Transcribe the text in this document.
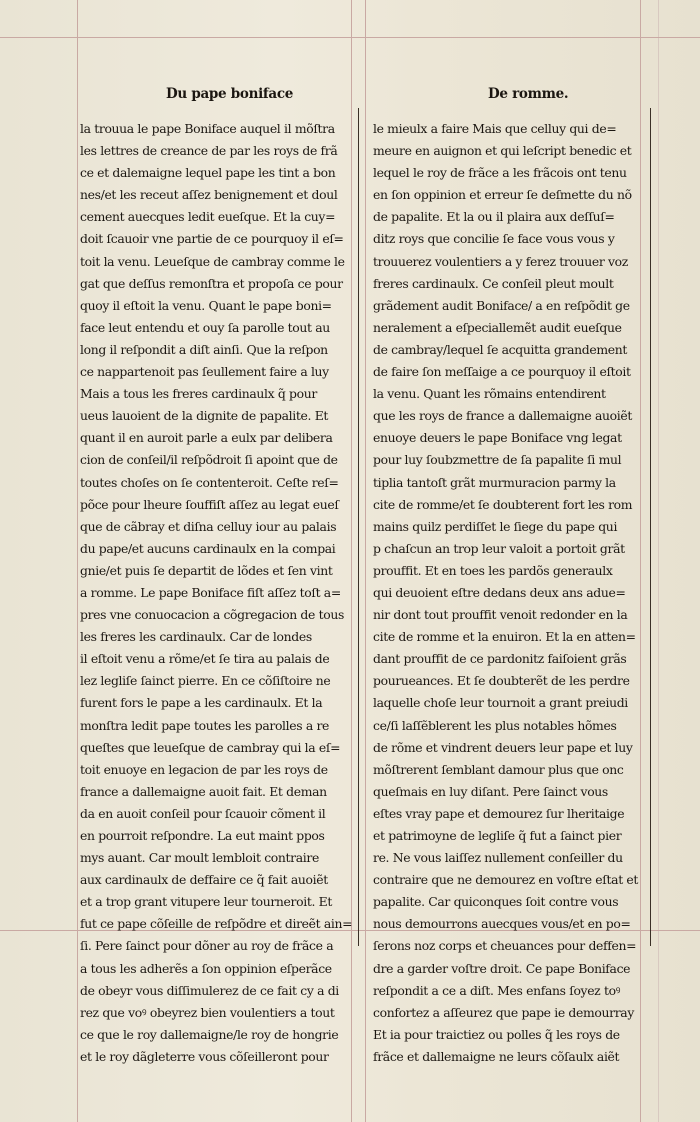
Du pape boniface	De romme.
la trouua le pape Boniface auquel il mõſtra
les lettres de creance de par les roys de frã
ce et dalemaigne lequel pape les tint a bon
nes/et les receut aſſez benignement et doul
cement auecques ledit eueſque. Et la cuy=
doit ſcauoir vne partie de ce pourquoy il eſ=
toit la venu. Leueſque de cambray comme le
gat que deſſus remonſtra et propoſa ce pour
quoy il eſtoit la venu. Quant le pape boni=
face leut entendu et ouy ſa parolle tout au
long il reſpondit a diſt ainſi. Que la reſpon
ce nappartenoit pas ſeullement faire a luy
Mais a tous les freres cardinaulx q̃ pour
ueus lauoient de la dignite de papalite. Et
quant il en auroit parle a eulx par deliberа
cion de conſeil/il reſpõdroit ſi apoint que de
toutes choſes on ſe contenteroit. Ceſte reſ=
põce pour lheure ſouffiſt aſſez au legat eueſ
que de cãbray et diſna celluy iour au palais
du pape/et aucuns cardinaulx en la compai
gnie/et puis ſe departit de lõdes et ſen vint
a romme. Le pape Boniface fiſt aſſez toſt a=
pres vne conuocacion a cõgregacion de tous
les freres les cardinaulx. Car de londes
il eſtoit venu a rõme/et ſe tira au palais de
lez legliſe ſainct pierre. En ce cõſiſtoire ne
furent fors le pape a les cardinaulx. Et la
monſtra ledit pape toutes les parolles a re
queſtes que leueſque de cambray qui la eſ=
toit enuoye en legacion de par les roys de
france a dallemaigne auoit fait. Et deman
da en auoit conſeil pour ſcauoir cõment il
en pourroit reſpondre. La eut maint ppos
mys auant. Car moult lembloit contraire
aux cardinaulx de deffaire ce q̃ fait auoiẽt
et a trop grant vitupere leur tourneroit. Et
fut ce pape cõſeille de reſpõdre et direẽt ain=
ſi. Pere ſainct pour dõner au roy de frãce a
a tous les adherẽs a ſon oppinion eſperãce
de obeyr vous diſſimulerez de ce fait cy a di
rez que voꝰ obeyrez bien voulentiers a tout
ce que le roy dallemaigne/le roy de hongrie
et le roy dãgleterre vous cõſeilleront pour
le mieulx a faire Mais que celluy qui de=
meure en auignon et qui leſcript benedic et
lequel le roy de frãce a les frãcois ont tenu
en ſon oppinion et erreur ſe deſmette du nõ
de papalite. Et la ou il plaira aux deſſuſ=
ditz roys que concilie ſe face vous vous y
trouuerez voulentiers a y ferez trouuer voz
freres cardinaulx. Ce conſeil pleut moult
grãdement audit Boniface/ a en reſpõdit ge
neralement a eſpeciallemẽt audit eueſque
de cambray/lequel ſe acquitta grandement
de faire ſon meſſaige a ce pourquoy il eſtoit
la venu. Quant les rõmains entendirent
que les roys de france a dallemaigne auoiẽt
enuoye deuers le pape Boniface vng legat
pour luy ſoubzmettre de ſa papalite ſi mul
tiplia tantoſt grãt murmuracion parmy la
cite de romme/et ſe doubterent fort les rom
mains quilz perdiſſet le ſiege du pape qui
p chaſcun an trop leur valoit a portoit grãt
prouffit. Et en toes les pardõs generaulx
qui deuoient eſtre dedans deux ans adue=
nir dont tout prouffit venoit redonder en la
cite de romme et la enuiron. Et la en atten=
dant prouffit de ce pardonitz faiſoient grãs
pourueances. Et ſe doubterẽt de les perdre
laquelle choſe leur tournoit a grant preiudi
ce/ſi laſſẽblerent les plus notables hõmes
de rõme et vindrent deuers leur pape et luy
mõſtrerent ſemblant damour plus que onc
queſmais en luy diſant. Pere ſainct vous
eſtes vray pape et demourez ſur lheritaige
et patrimoyne de legliſe q̃ fut a ſainct pier
re. Ne vous laiſſez nullement conſeiller du
contraire que ne demourez en voſtre eſtat et
papalite. Car quiconques ſoit contre vous
nous demourrons auecques vous/et en po=
ſerons noz corps et cheuances pour deffen=
dre a garder voſtre droit. Ce pape Boniface
reſpondit a ce a diſt. Mes enfans ſoyez toꝰ
confortez a aſſeurez que pape ie demourray
Et ia pour traictiez ou polles q̃ les roys de
frãce et dallemaigne ne leurs cõſaulx aiẽt
